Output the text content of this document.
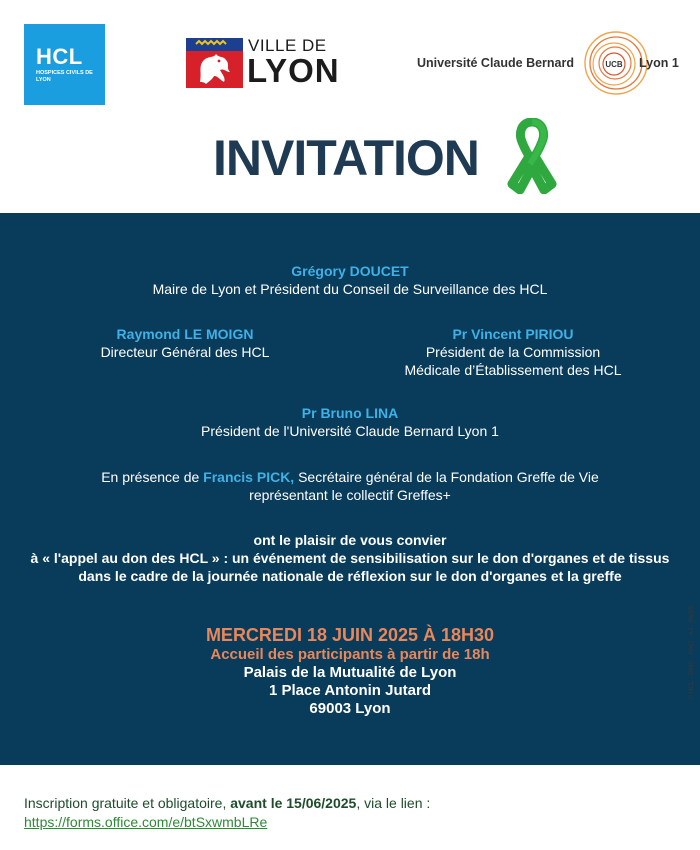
HCL
HOSPICES CIVILS DE LYON
VILLE DE
LYON	Université Claude Bernard	UCB Lyon 1
INVITATION
Grégory DOUCET
Maire de Lyon et Président du Conseil de Surveillance des HCL
Raymond LE MOIGN
Directeur Général des HCL
Pr Vincent PIRIOU
Président de la Commission
Médicale d’Établissement des HCL
Pr Bruno LINA
Président de l'Université Claude Bernard Lyon 1
En présence de Francis PICK, Secrétaire général de la Fondation Greffe de Vie
représentant le collectif Greffes+
ont le plaisir de vous convier
à « l'appel au don des HCL » : un événement de sensibilisation sur le don d'organes et de tissus
dans le cadre de la journée nationale de réflexion sur le don d'organes et la greffe
MERCREDI 18 JUIN 2025 À 18H30
Accueil des participants à partir de 18h
Palais de la Mutualité de Lyon
1 Place Antonin Jutard
69003 Lyon
© HCL · DMC · PAO · AJ · 06/25
Inscription gratuite et obligatoire, avant le 15/06/2025, via le lien :
https://forms.office.com/e/btSxwmbLRe
